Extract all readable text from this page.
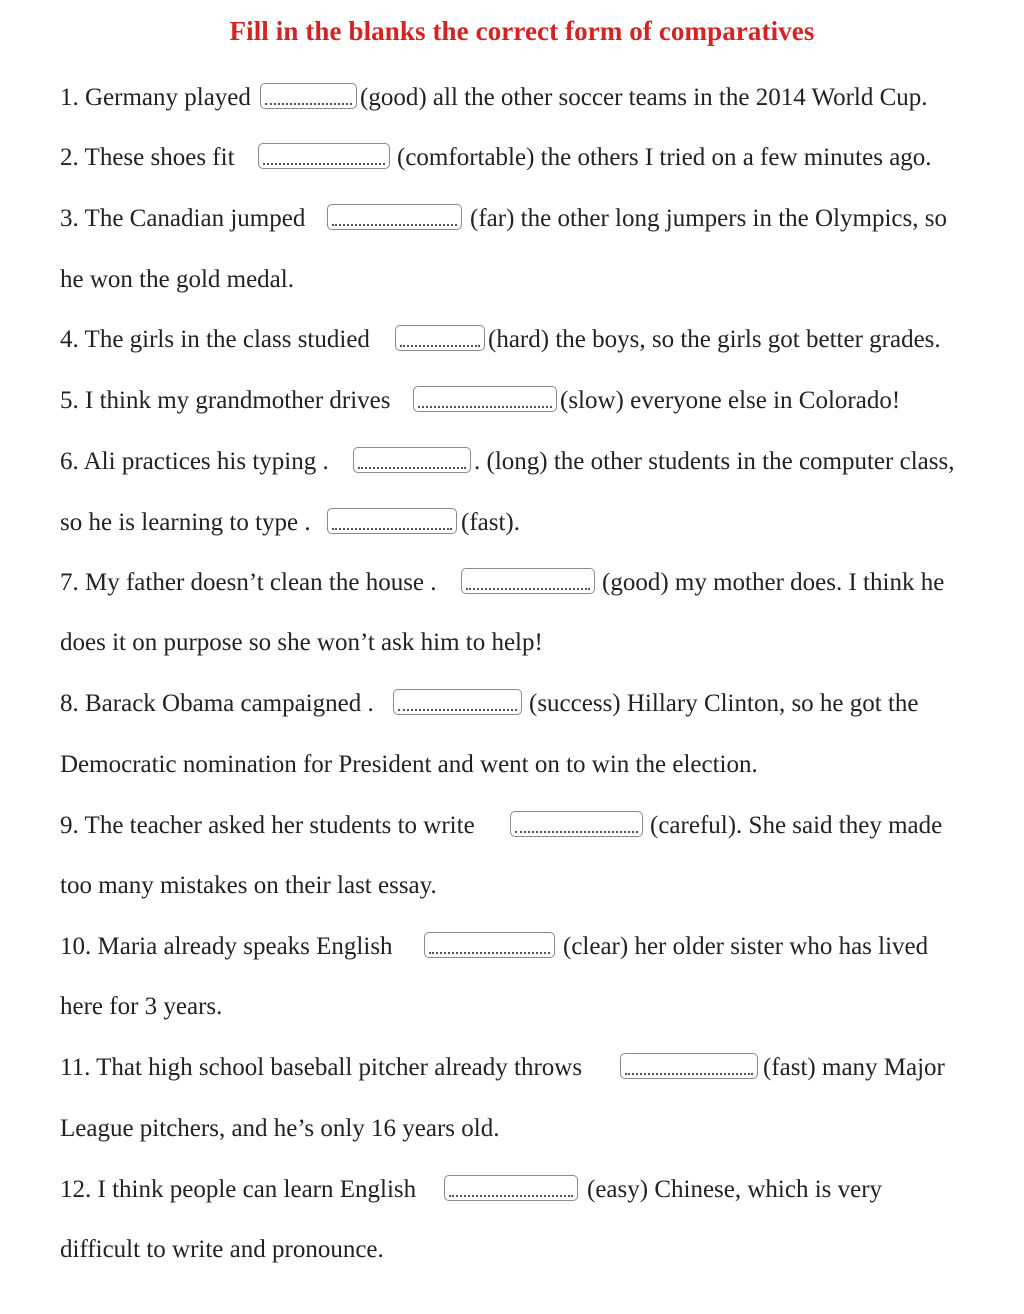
Fill in the blanks the correct form of comparatives
1. Germany played	(good) all the other soccer teams in the 2014 World Cup.
2. These shoes fit	(comfortable) the others I tried on a few minutes ago.
3. The Canadian jumped	(far) the other long jumpers in the Olympics, so
he won the gold medal.
4. The girls in the class studied	(hard) the boys, so the girls got better grades.
5. I think my grandmother drives	(slow) everyone else in Colorado!
6. Ali practices his typing .	. (long) the other students in the computer class,
so he is learning to type .	(fast).
7. My father doesn’t clean the house .	(good) my mother does. I think he
does it on purpose so she won’t ask him to help!
8. Barack Obama campaigned .	(success) Hillary Clinton, so he got the
Democratic nomination for President and went on to win the election.
9. The teacher asked her students to write	(careful). She said they made
too many mistakes on their last essay.
10. Maria already speaks English	(clear) her older sister who has lived
here for 3 years.
11. That high school baseball pitcher already throws	(fast) many Major
League pitchers, and he’s only 16 years old.
12. I think people can learn English	(easy) Chinese, which is very
difficult to write and pronounce.
